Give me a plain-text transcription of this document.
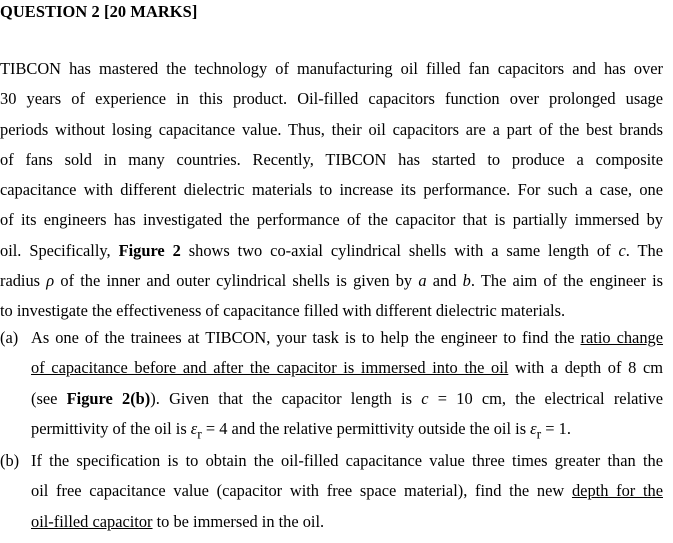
QUESTION 2 [20 MARKS]
TIBCON has mastered the technology of manufacturing oil filled fan capacitors and has over
30 years of experience in this product. Oil-filled capacitors function over prolonged usage
periods without losing capacitance value. Thus, their oil capacitors are a part of the best brands
of fans sold in many countries. Recently, TIBCON has started to produce a composite
capacitance with different dielectric materials to increase its performance. For such a case, one
of its engineers has investigated the performance of the capacitor that is partially immersed by
oil. Specifically, Figure 2 shows two co-axial cylindrical shells with a same length of c. The
radius ρ of the inner and outer cylindrical shells is given by a and b. The aim of the engineer is
to investigate the effectiveness of capacitance filled with different dielectric materials.
(a) As one of the trainees at TIBCON, your task is to help the engineer to find the ratio change
of capacitance before and after the capacitor is immersed into the oil with a depth of 8 cm
(see Figure 2(b)). Given that the capacitor length is c = 10 cm, the electrical relative
permittivity of the oil is $\varepsilon_r = 4$ and the relative permittivity outside the oil is $\varepsilon_r = 1$.
(b) If the specification is to obtain the oil-filled capacitance value three times greater than the
oil free capacitance value (capacitor with free space material), find the new depth for the
oil-filled capacitor to be immersed in the oil.
